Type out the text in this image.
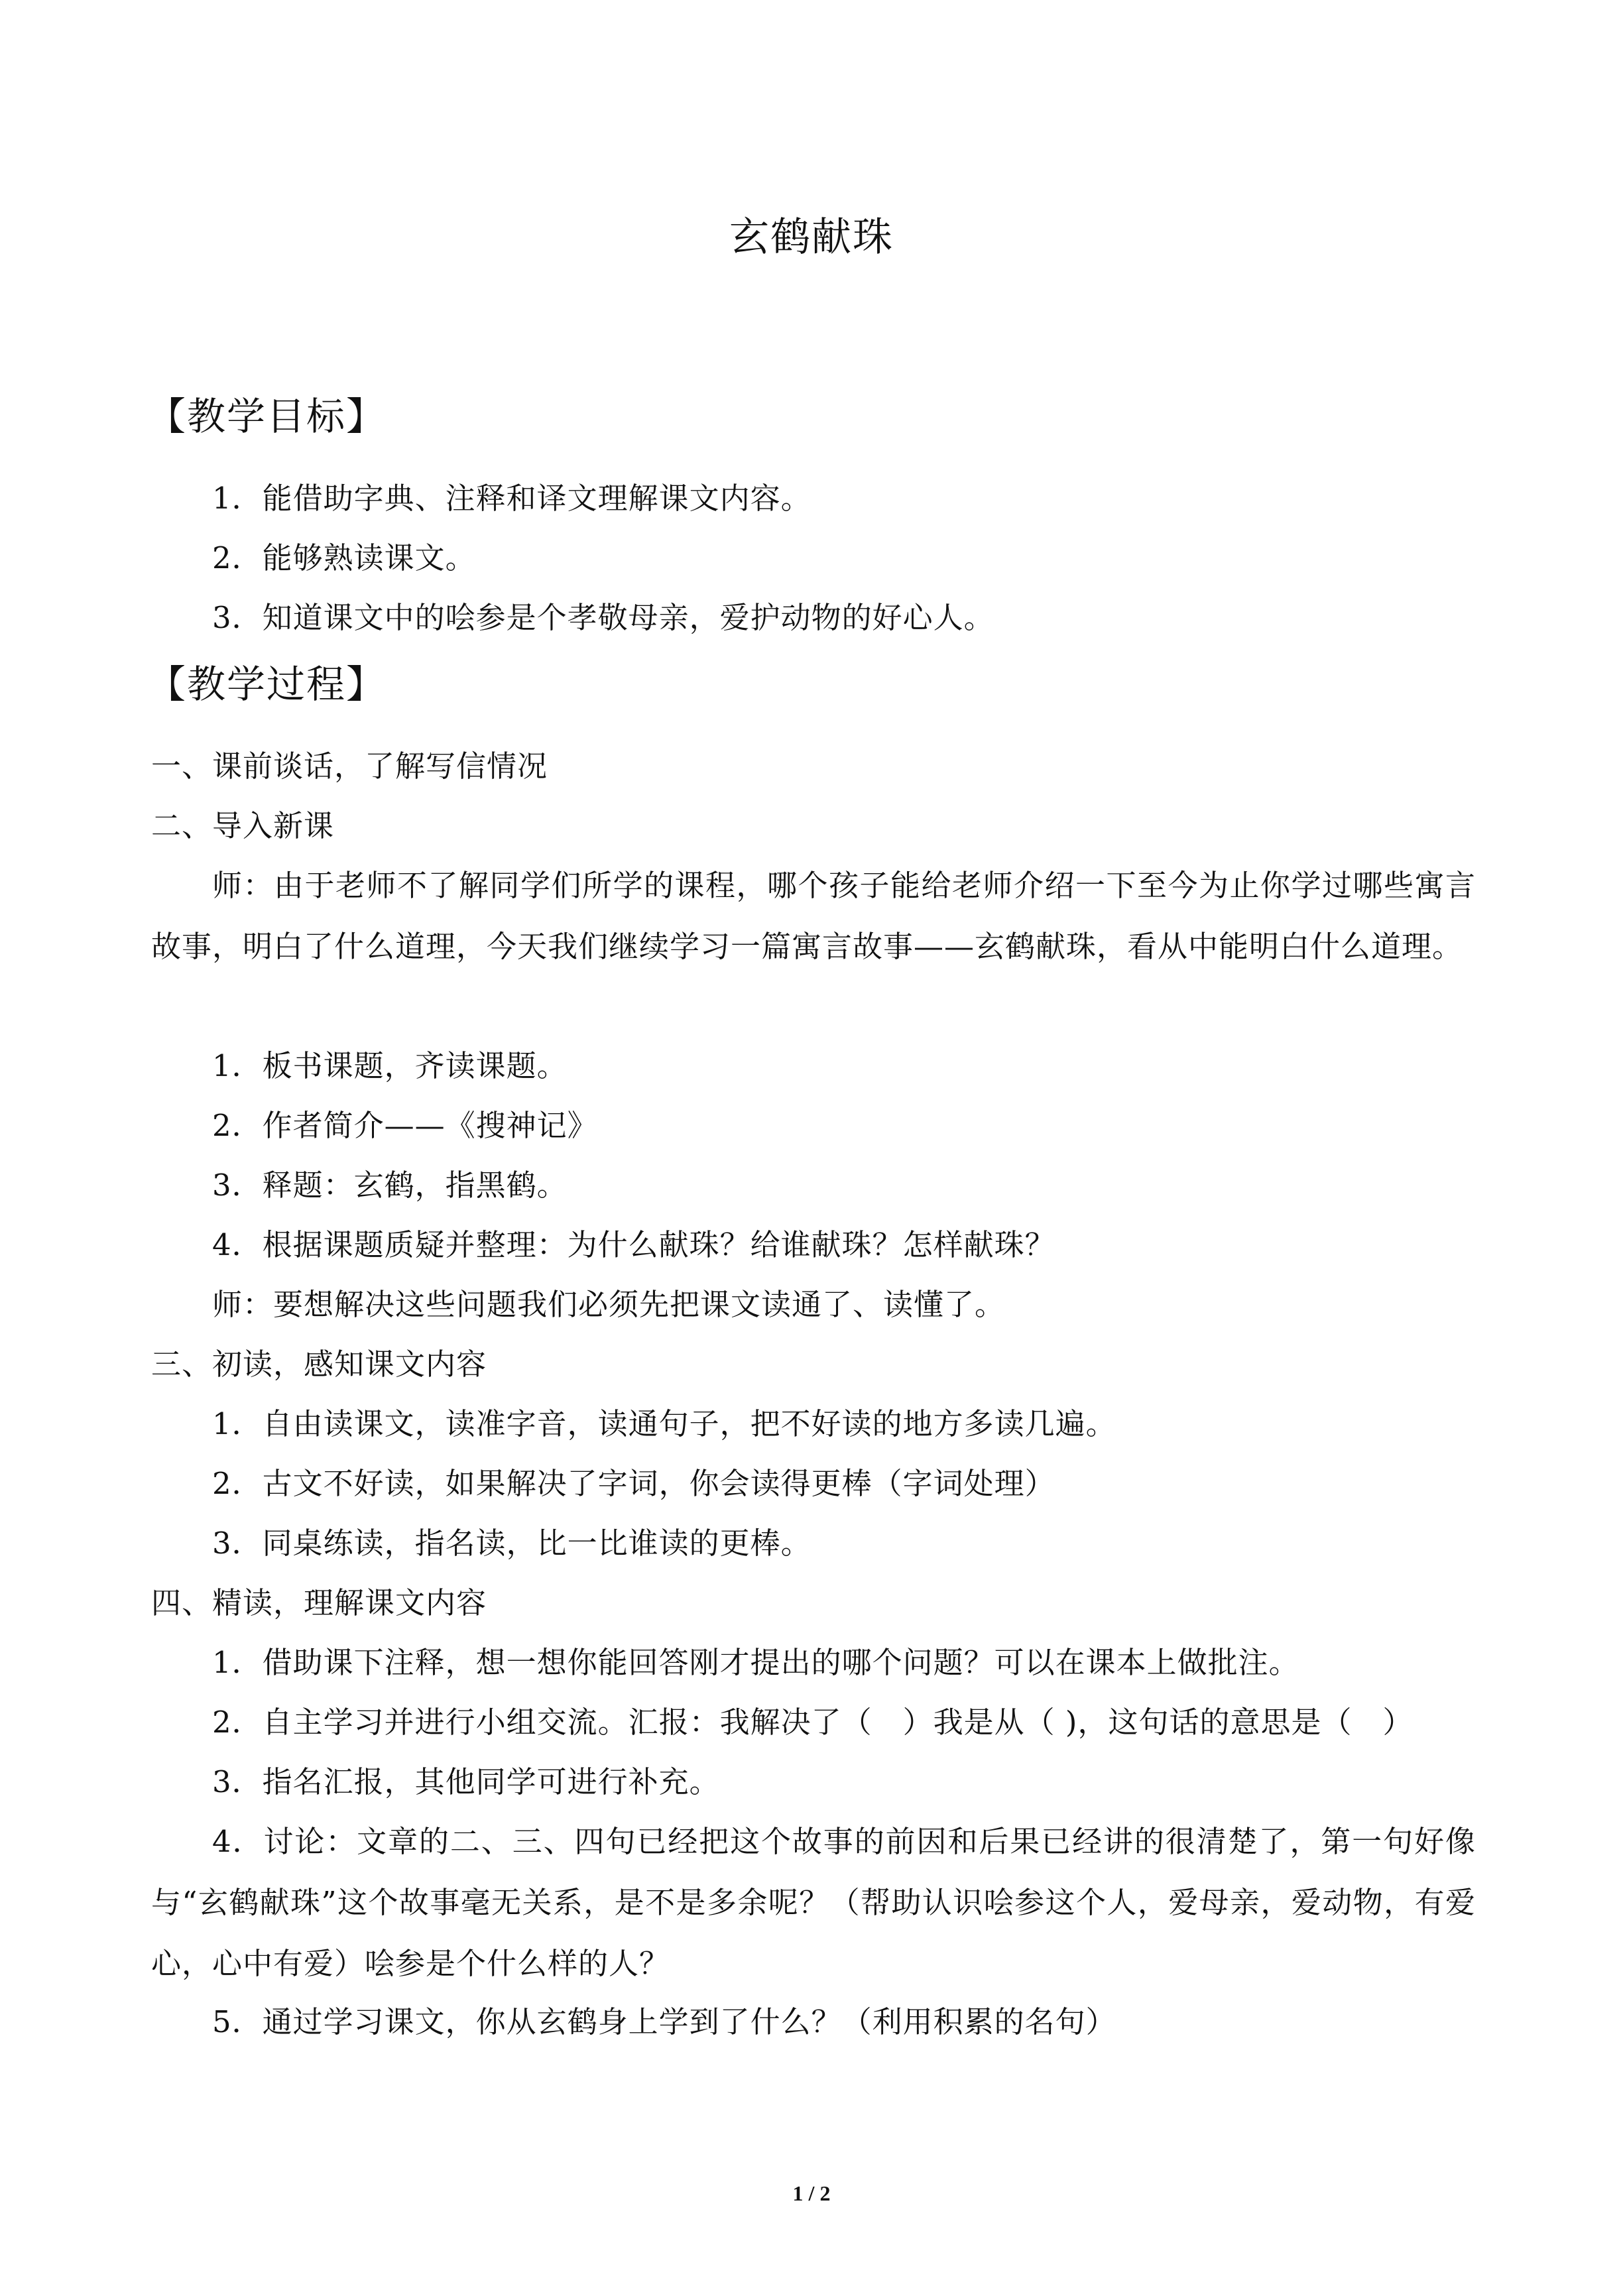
玄鹤献珠
【教学目标】
1．能借助字典、注释和译文理解课文内容。
2．能够熟读课文。
3．知道课文中的哙参是个孝敬母亲，爱护动物的好心人。
【教学过程】
一、课前谈话，了解写信情况
二、导入新课
师：由于老师不了解同学们所学的课程，哪个孩子能给老师介绍一下至今为止你学过哪些寓言故事，明白了什么道理，今天我们继续学习一篇寓言故事——玄鹤献珠，看从中能明白什么道理。
1．板书课题，齐读课题。
2．作者简介——《搜神记》
3．释题：玄鹤，指黑鹤。
4．根据课题质疑并整理：为什么献珠？给谁献珠？怎样献珠？
师：要想解决这些问题我们必须先把课文读通了、读懂了。
三、初读，感知课文内容
1．自由读课文，读准字音，读通句子，把不好读的地方多读几遍。
2．古文不好读，如果解决了字词，你会读得更棒（字词处理）
3．同桌练读，指名读，比一比谁读的更棒。
四、精读，理解课文内容
1．借助课下注释，想一想你能回答刚才提出的哪个问题？可以在课本上做批注。
2．自主学习并进行小组交流。汇报：我解决了（　）我是从（ )，这句话的意思是（　）
3．指名汇报，其他同学可进行补充。
4．讨论：文章的二、三、四句已经把这个故事的前因和后果已经讲的很清楚了，第一句好像与“玄鹤献珠”这个故事毫无关系，是不是多余呢？（帮助认识哙参这个人，爱母亲，爱动物，有爱心，心中有爱）哙参是个什么样的人？
5．通过学习课文，你从玄鹤身上学到了什么？（利用积累的名句）
1 / 2
